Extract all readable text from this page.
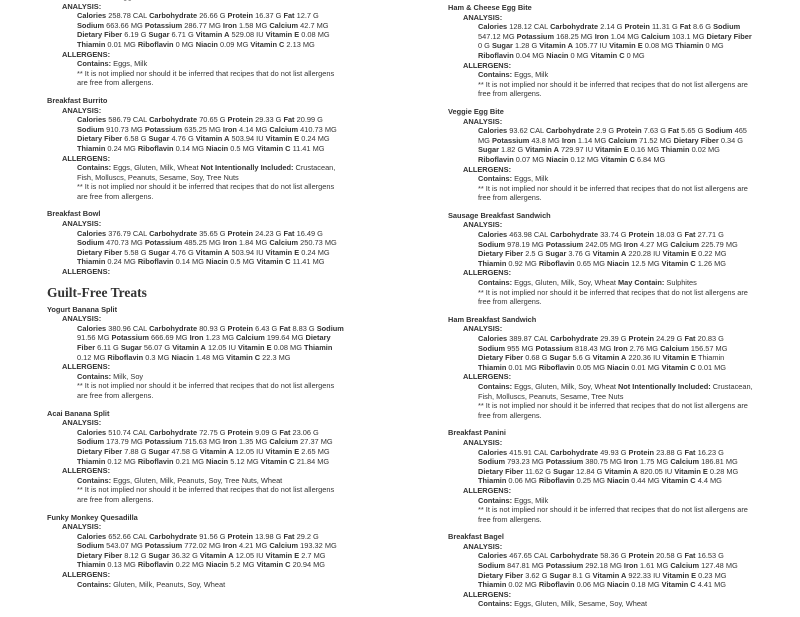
ANALYSIS:
Calories 258.78 CAL Carbohydrate 26.66 G Protein 16.37 G Fat 12.7 G Sodium 663.66 MG Potassium 286.77 MG Iron 1.58 MG Calcium 42.7 MG Dietary Fiber 6.19 G Sugar 6.71 G Vitamin A 529.08 IU Vitamin E 0.08 MG Thiamin 0.01 MG Riboflavin 0 MG Niacin 0.09 MG Vitamin C 2.13 MG
ALLERGENS:
Contains: Eggs, Milk
** It is not implied nor should it be inferred that recipes that do not list allergens are free from allergens.
Breakfast Burrito
ANALYSIS:
Calories 586.79 CAL Carbohydrate 70.65 G Protein 29.33 G Fat 20.99 G Sodium 910.73 MG Potassium 635.25 MG Iron 4.14 MG Calcium 410.73 MG Dietary Fiber 6.58 G Sugar 4.76 G Vitamin A 503.94 IU Vitamin E 0.24 MG Thiamin 0.24 MG Riboflavin 0.14 MG Niacin 0.5 MG Vitamin C 11.41 MG
ALLERGENS:
Contains: Eggs, Gluten, Milk, Wheat Not Intentionally Included: Crustacean, Fish, Molluscs, Peanuts, Sesame, Soy, Tree Nuts
** It is not implied nor should it be inferred that recipes that do not list allergens are free from allergens.
Breakfast Bowl
ANALYSIS:
Calories 376.79 CAL Carbohydrate 35.65 G Protein 24.23 G Fat 16.49 G Sodium 470.73 MG Potassium 485.25 MG Iron 1.84 MG Calcium 250.73 MG Dietary Fiber 5.58 G Sugar 4.76 G Vitamin A 503.94 IU Vitamin E 0.24 MG Thiamin 0.24 MG Riboflavin 0.14 MG Niacin 0.5 MG Vitamin C 11.41 MG
ALLERGENS:
Guilt-Free Treats
Yogurt Banana Split
ANALYSIS:
Calories 380.96 CAL Carbohydrate 80.93 G Protein 6.43 G Fat 8.83 G Sodium 91.56 MG Potassium 666.69 MG Iron 1.23 MG Calcium 199.64 MG Dietary Fiber 6.11 G Sugar 56.07 G Vitamin A 12.05 IU Vitamin E 0.08 MG Thiamin 0.12 MG Riboflavin 0.3 MG Niacin 1.48 MG Vitamin C 22.3 MG
ALLERGENS:
Contains: Milk, Soy
** It is not implied nor should it be inferred that recipes that do not list allergens are free from allergens.
Acai Banana Split
ANALYSIS:
Calories 510.74 CAL Carbohydrate 72.75 G Protein 9.09 G Fat 23.06 G Sodium 173.79 MG Potassium 715.63 MG Iron 1.35 MG Calcium 27.37 MG Dietary Fiber 7.88 G Sugar 47.58 G Vitamin A 12.05 IU Vitamin E 2.65 MG Thiamin 0.12 MG Riboflavin 0.21 MG Niacin 5.12 MG Vitamin C 21.84 MG
ALLERGENS:
Contains: Eggs, Gluten, Milk, Peanuts, Soy, Tree Nuts, Wheat
** It is not implied nor should it be inferred that recipes that do not list allergens are free from allergens.
Funky Monkey Quesadilla
ANALYSIS:
Calories 652.66 CAL Carbohydrate 91.56 G Protein 13.98 G Fat 29.2 G Sodium 543.07 MG Potassium 772.02 MG Iron 4.21 MG Calcium 193.32 MG Dietary Fiber 8.12 G Sugar 36.32 G Vitamin A 12.05 IU Vitamin E 2.7 MG Thiamin 0.13 MG Riboflavin 0.22 MG Niacin 5.2 MG Vitamin C 20.94 MG
ALLERGENS:
Contains: Gluten, Milk, Peanuts, Soy, Wheat
Ham & Cheese Egg Bite
ANALYSIS:
Calories 128.12 CAL Carbohydrate 2.14 G Protein 11.31 G Fat 8.6 G Sodium 547.12 MG Potassium 168.25 MG Iron 1.04 MG Calcium 103.1 MG Dietary Fiber 0 G Sugar 1.28 G Vitamin A 105.77 IU Vitamin E 0.08 MG Thiamin 0 MG Riboflavin 0.04 MG Niacin 0 MG Vitamin C 0 MG
ALLERGENS:
Contains: Eggs, Milk
** It is not implied nor should it be inferred that recipes that do not list allergens are free from allergens.
Veggie Egg Bite
ANALYSIS:
Calories 93.62 CAL Carbohydrate 2.9 G Protein 7.63 G Fat 5.65 G Sodium 465 MG Potassium 43.8 MG Iron 1.14 MG Calcium 71.52 MG Dietary Fiber 0.34 G Sugar 1.82 G Vitamin A 729.97 IU Vitamin E 0.16 MG Thiamin 0.02 MG Riboflavin 0.07 MG Niacin 0.12 MG Vitamin C 6.84 MG
ALLERGENS:
Contains: Eggs, Milk
** It is not implied nor should it be inferred that recipes that do not list allergens are free from allergens.
Sausage Breakfast Sandwich
ANALYSIS:
Calories 463.98 CAL Carbohydrate 33.74 G Protein 18.03 G Fat 27.71 G Sodium 978.19 MG Potassium 242.05 MG Iron 4.27 MG Calcium 225.79 MG Dietary Fiber 2.5 G Sugar 3.76 G Vitamin A 220.28 IU Vitamin E 0.22 MG Thiamin 0.92 MG Riboflavin 0.65 MG Niacin 12.5 MG Vitamin C 1.26 MG
ALLERGENS:
Contains: Eggs, Gluten, Milk, Soy, Wheat May Contain: Sulphites
** It is not implied nor should it be inferred that recipes that do not list allergens are free from allergens.
Ham Breakfast Sandwich
ANALYSIS:
Calories 389.87 CAL Carbohydrate 29.39 G Protein 24.29 G Fat 20.83 G Sodium 955 MG Potassium 818.43 MG Iron 2.76 MG Calcium 156.57 MG Dietary Fiber 0.68 G Sugar 5.6 G Vitamin A 220.36 IU Vitamin E Thiamin Thiamin 0.01 MG Riboflavin 0.05 MG Niacin 0.01 MG Vitamin C 0.01 MG
ALLERGENS:
Contains: Eggs, Gluten, Milk, Soy, Wheat Not Intentionally Included: Crustacean, Fish, Molluscs, Peanuts, Sesame, Tree Nuts
** It is not implied nor should it be inferred that recipes that do not list allergens are free from allergens.
Breakfast Panini
ANALYSIS:
Calories 415.91 CAL Carbohydrate 49.93 G Protein 23.88 G Fat 16.23 G Sodium 793.23 MG Potassium 380.75 MG Iron 1.75 MG Calcium 186.81 MG Dietary Fiber 11.62 G Sugar 12.84 G Vitamin A 820.05 IU Vitamin E 0.28 MG Thiamin 0.06 MG Riboflavin 0.25 MG Niacin 0.44 MG Vitamin C 4.4 MG
ALLERGENS:
Contains: Eggs, Milk
** It is not implied nor should it be inferred that recipes that do not list allergens are free from allergens.
Breakfast Bagel
ANALYSIS:
Calories 467.65 CAL Carbohydrate 58.36 G Protein 20.58 G Fat 16.53 G Sodium 847.81 MG Potassium 292.18 MG Iron 1.61 MG Calcium 127.48 MG Dietary Fiber 3.62 G Sugar 8.1 G Vitamin A 922.33 IU Vitamin E 0.23 MG Thiamin 0.02 MG Riboflavin 0.06 MG Niacin 0.18 MG Vitamin C 4.41 MG
ALLERGENS:
Contains: Eggs, Gluten, Milk, Sesame, Soy, Wheat
